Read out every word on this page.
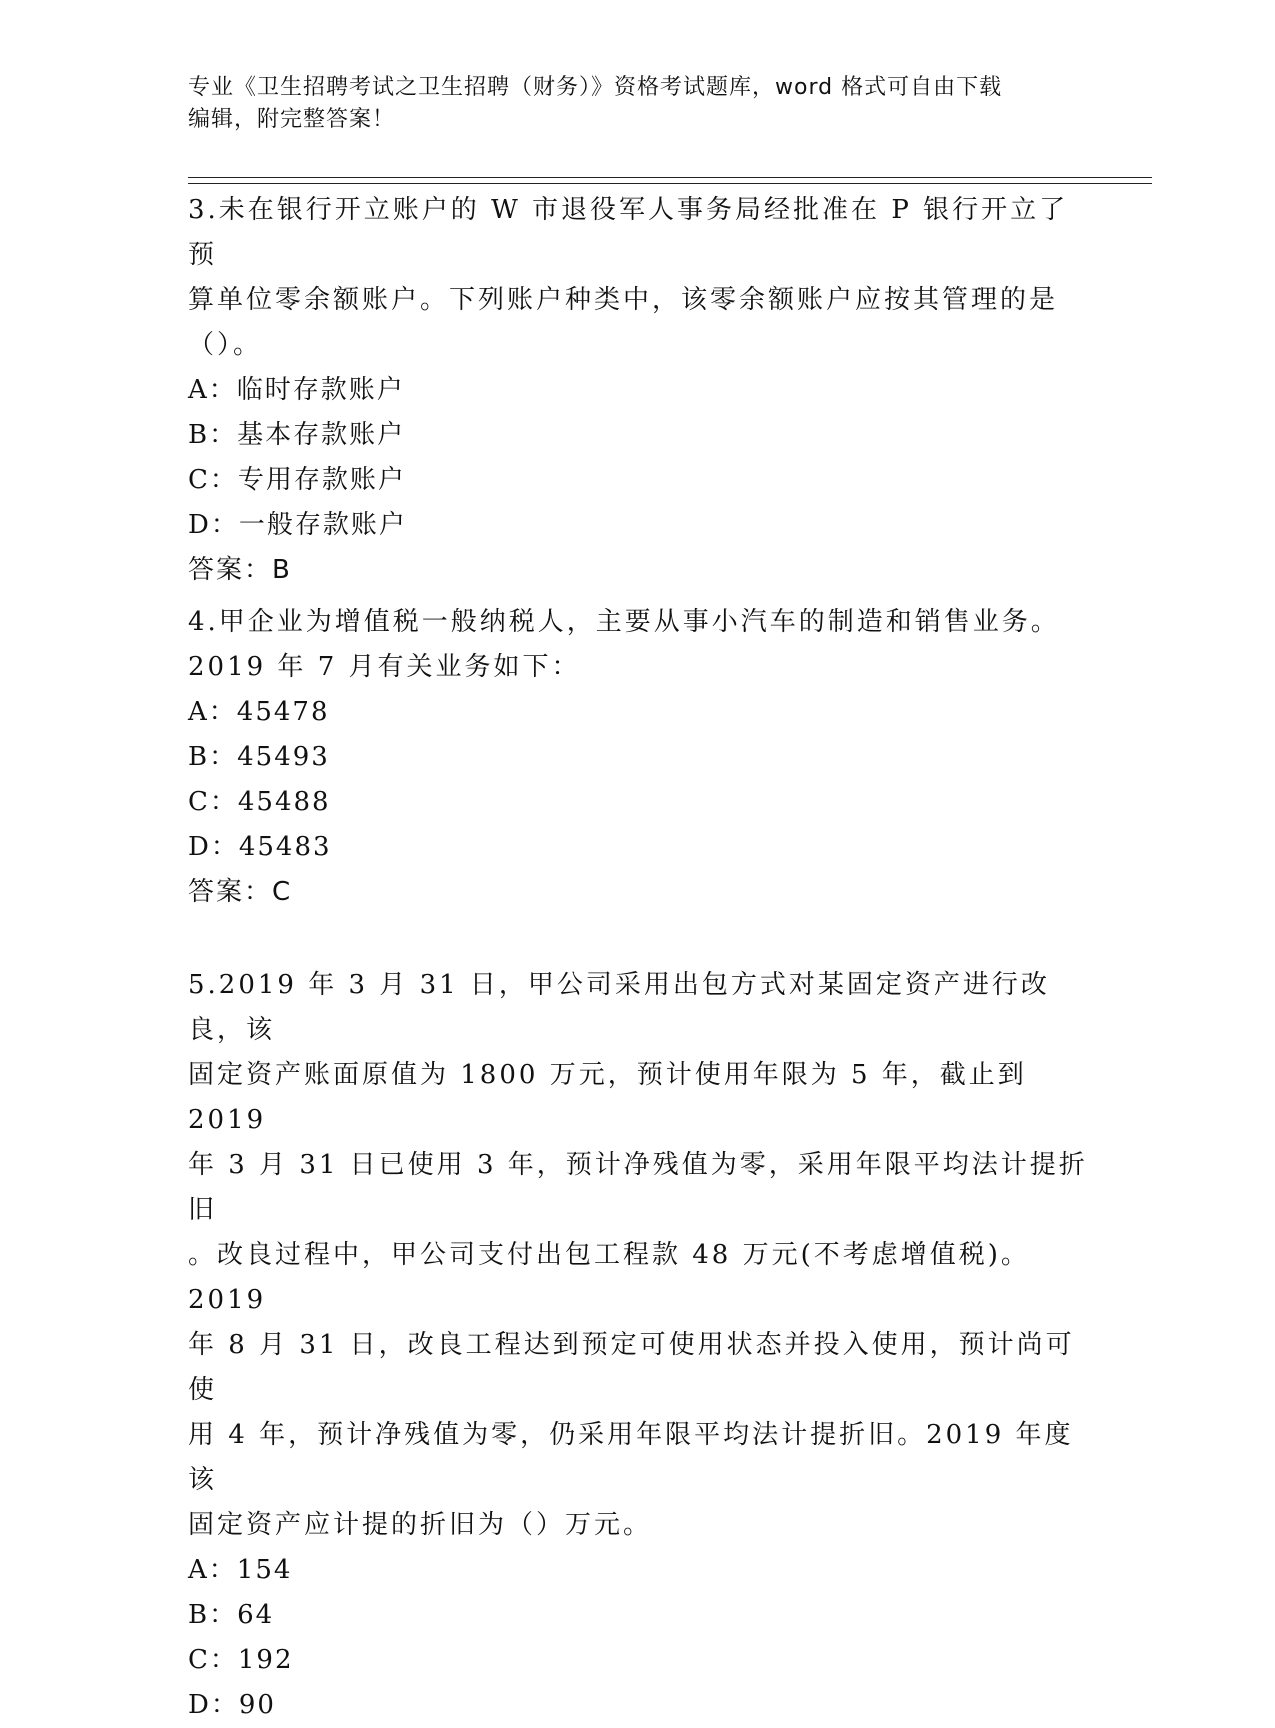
专业《卫生招聘考试之卫生招聘（财务）》资格考试题库，word 格式可自由下载
编辑，附完整答案！

3.未在银行开立账户的 W 市退役军人事务局经批准在 P 银行开立了预

算单位零余额账户。下列账户种类中，该零余额账户应按其管理的是

（）。

A：临时存款账户

B：基本存款账户

C：专用存款账户

D：一般存款账户

答案：B

4.甲企业为增值税一般纳税人，主要从事小汽车的制造和销售业务。

2019 年 7 月有关业务如下：

A：45478

B：45493

C：45488

D：45483

答案：C

5.2019 年 3 月 31 日，甲公司采用出包方式对某固定资产进行改良，该

固定资产账面原值为 1800 万元，预计使用年限为 5 年，截止到 2019

年 3 月 31 日已使用 3 年，预计净残值为零，采用年限平均法计提折旧

。改良过程中，甲公司支付出包工程款 48 万元(不考虑增值税)。2019

年 8 月 31 日，改良工程达到预定可使用状态并投入使用，预计尚可使

用 4 年，预计净残值为零，仍采用年限平均法计提折旧。2019 年度该

固定资产应计提的折旧为（）万元。

A：154

B：64

C：192

D：90
